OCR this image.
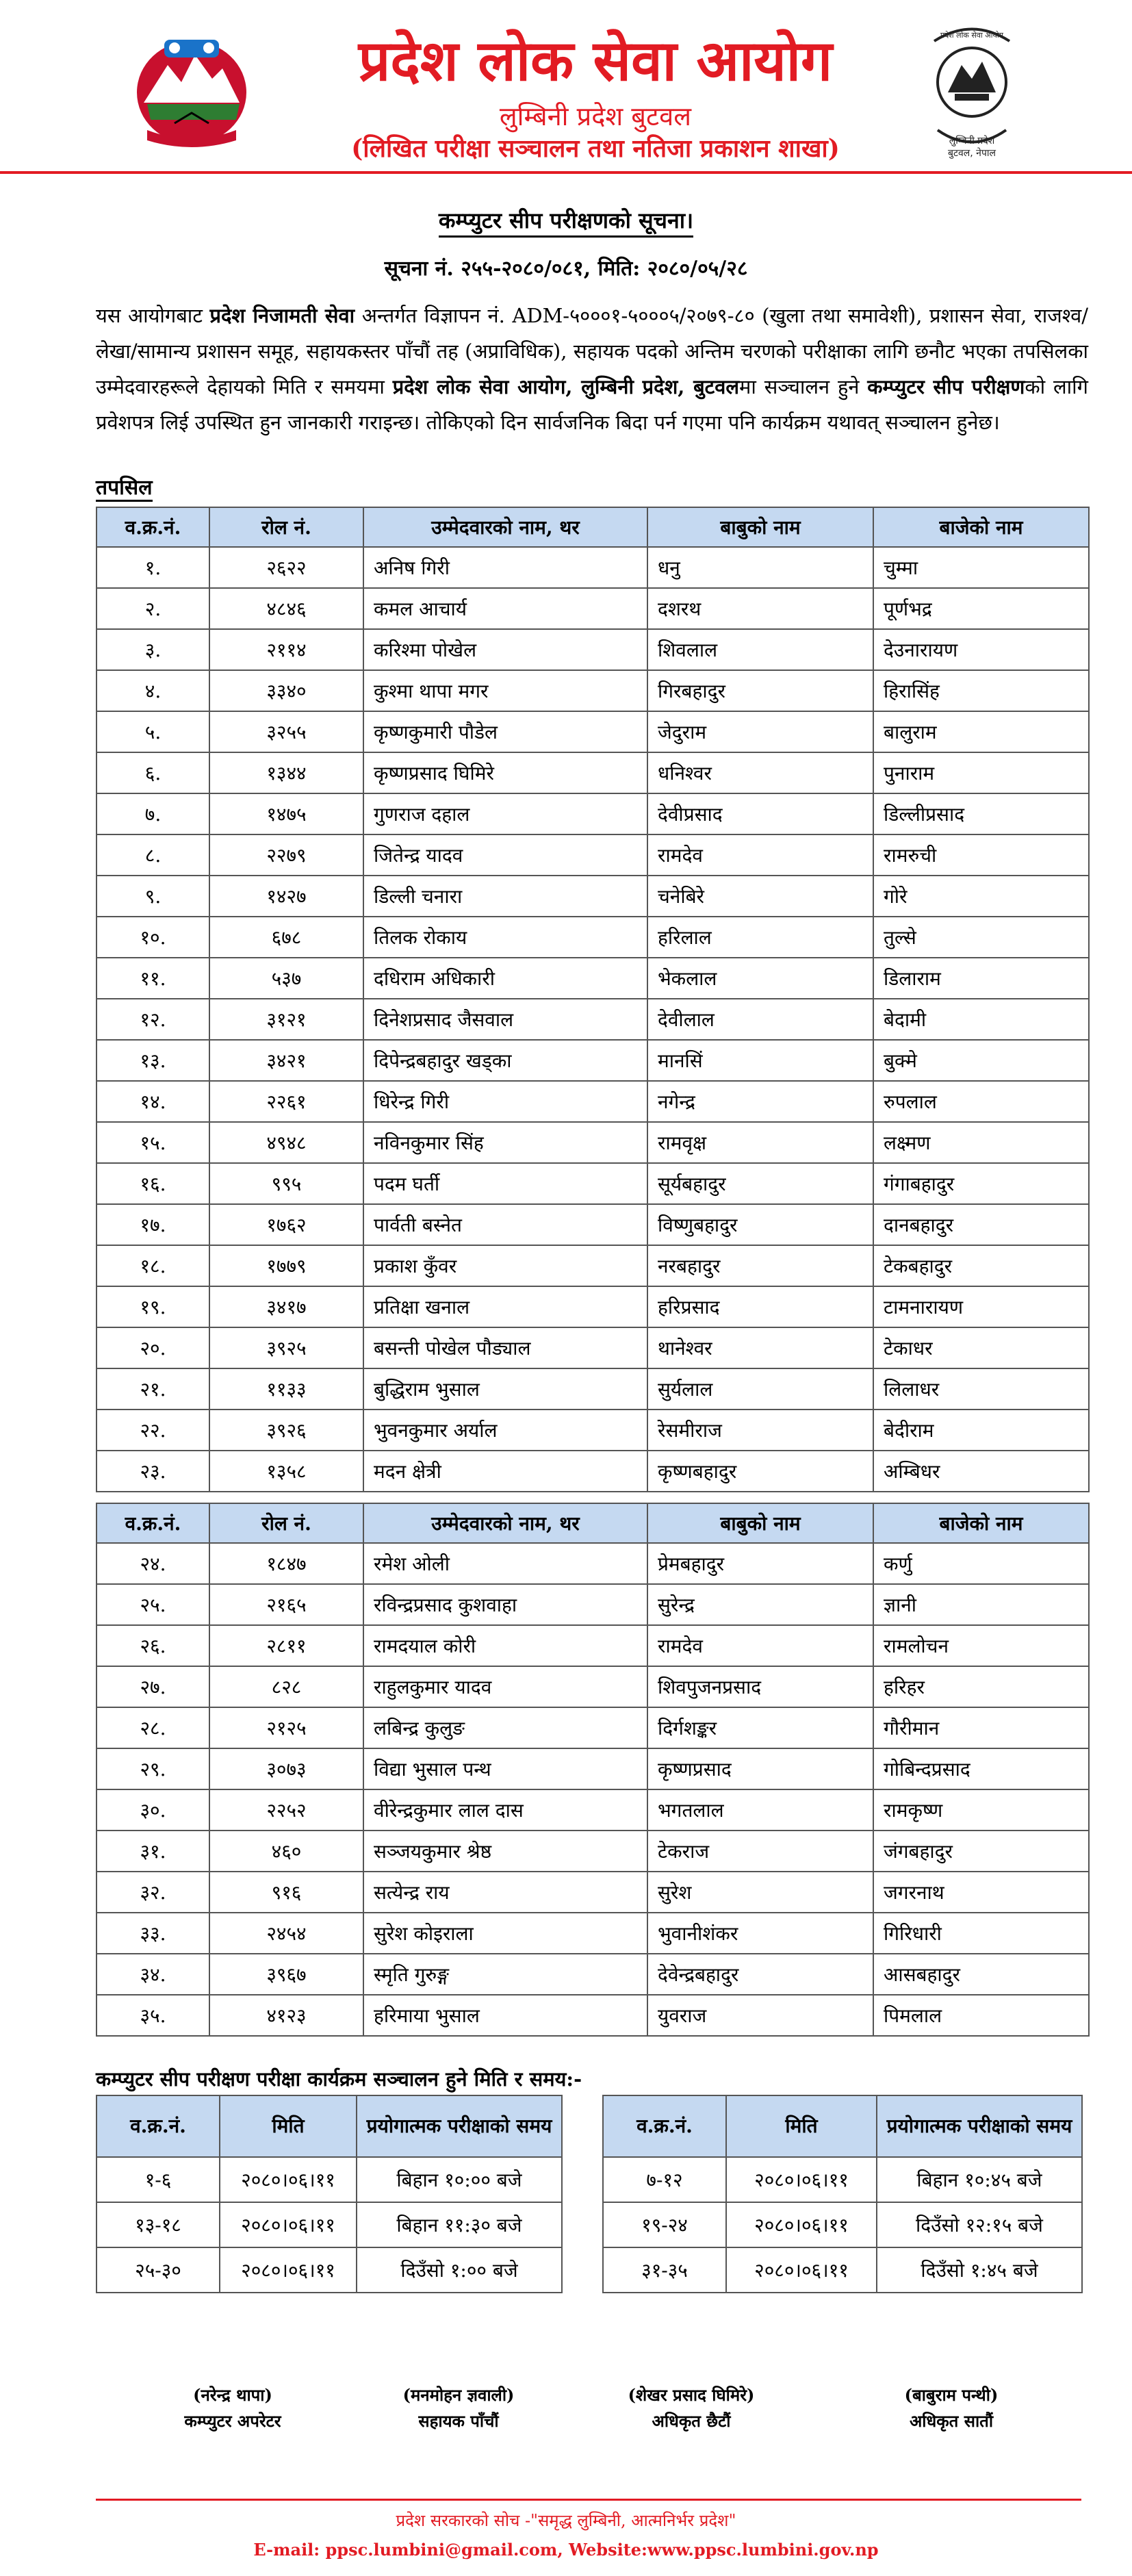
प्रदेश लोक सेवा आयोग
लुम्बिनी प्रदेश बुटवल
(लिखित परीक्षा सञ्चालन तथा नतिजा प्रकाशन शाखा)
प्रदेश लोक सेवा आयोग
लुम्बिनी प्रदेश
बुटवल, नेपाल
कम्प्युटर सीप परीक्षणको सूचना।
सूचना नं. २५५-२०८०/०८१, मिति: २०८०/०५/२८
यस आयोगबाट प्रदेश निजामती सेवा अन्तर्गत विज्ञापन नं. ADM-५०००१-५०००५/२०७९-८० (खुला तथा समावेशी), प्रशासन सेवा, राजश्व/लेखा/सामान्य प्रशासन समूह, सहायकस्तर पाँचौं तह (अप्राविधिक), सहायक पदको अन्तिम चरणको परीक्षाका लागि छनौट भएका तपसिलका उम्मेदवारहरूले देहायको मिति र समयमा प्रदेश लोक सेवा आयोग, लुम्बिनी प्रदेश, बुटवलमा सञ्चालन हुने कम्प्युटर सीप परीक्षणको लागि प्रवेशपत्र लिई उपस्थित हुन जानकारी गराइन्छ। तोकिएको दिन सार्वजनिक बिदा पर्न गएमा पनि कार्यक्रम यथावत् सञ्चालन हुनेछ।
तपसिल
व.क्र.नं.	रोल नं.	उम्मेदवारको नाम, थर	बाबुको नाम	बाजेको नाम
१.	२६२२	अनिष गिरी	धनु	चुम्मा
२.	४८४६	कमल आचार्य	दशरथ	पूर्णभद्र
३.	२११४	करिश्मा पोखेल	शिवलाल	देउनारायण
४.	३३४०	कुश्मा थापा मगर	गिरबहादुर	हिरासिंह
५.	३२५५	कृष्णकुमारी पौडेल	जेदुराम	बालुराम
६.	१३४४	कृष्णप्रसाद घिमिरे	धनिश्वर	पुनाराम
७.	१४७५	गुणराज दहाल	देवीप्रसाद	डिल्लीप्रसाद
८.	२२७९	जितेन्द्र यादव	रामदेव	रामरुची
९.	१४२७	डिल्ली चनारा	चनेबिरे	गोरे
१०.	६७८	तिलक रोकाय	हरिलाल	तुल्से
११.	५३७	दधिराम अधिकारी	भेकलाल	डिलाराम
१२.	३१२१	दिनेशप्रसाद जैसवाल	देवीलाल	बेदामी
१३.	३४२१	दिपेन्द्रबहादुर खड्का	मानसिं	बुक्मे
१४.	२२६१	धिरेन्द्र गिरी	नगेन्द्र	रुपलाल
१५.	४९४८	नविनकुमार सिंह	रामवृक्ष	लक्ष्मण
१६.	९९५	पदम घर्ती	सूर्यबहादुर	गंगाबहादुर
१७.	१७६२	पार्वती बस्नेत	विष्णुबहादुर	दानबहादुर
१८.	१७७९	प्रकाश कुँवर	नरबहादुर	टेकबहादुर
१९.	३४१७	प्रतिक्षा खनाल	हरिप्रसाद	टामनारायण
२०.	३९२५	बसन्ती पोखेल पौड्याल	थानेश्वर	टेकाधर
२१.	११३३	बुद्धिराम भुसाल	सुर्यलाल	लिलाधर
२२.	३९२६	भुवनकुमार अर्याल	रेसमीराज	बेदीराम
२३.	१३५८	मदन क्षेत्री	कृष्णबहादुर	अम्बिधर
व.क्र.नं.	रोल नं.	उम्मेदवारको नाम, थर	बाबुको नाम	बाजेको नाम
२४.	१८४७	रमेश ओली	प्रेमबहादुर	कर्णु
२५.	२१६५	रविन्द्रप्रसाद कुशवाहा	सुरेन्द्र	ज्ञानी
२६.	२८११	रामदयाल कोरी	रामदेव	रामलोचन
२७.	८२८	राहुलकुमार यादव	शिवपुजनप्रसाद	हरिहर
२८.	२१२५	लबिन्द्र कुलुङ	दिर्गशङ्कर	गौरीमान
२९.	३०७३	विद्या भुसाल पन्थ	कृष्णप्रसाद	गोबिन्दप्रसाद
३०.	२२५२	वीरेन्द्रकुमार लाल दास	भगतलाल	रामकृष्ण
३१.	४६०	सञ्जयकुमार श्रेष्ठ	टेकराज	जंगबहादुर
३२.	९१६	सत्येन्द्र राय	सुरेश	जगरनाथ
३३.	२४५४	सुरेश कोइराला	भुवानीशंकर	गिरिधारी
३४.	३९६७	स्मृति गुरुङ्ग	देवेन्द्रबहादुर	आसबहादुर
३५.	४१२३	हरिमाया भुसाल	युवराज	पिमलाल
कम्प्युटर सीप परीक्षण परीक्षा कार्यक्रम सञ्चालन हुने मिति र समय:-
व.क्र.नं.	मिति	प्रयोगात्मक परीक्षाको समय
१-६	२०८०।०६।११	बिहान १०:०० बजे
१३-१८	२०८०।०६।११	बिहान ११:३० बजे
२५-३०	२०८०।०६।११	दिउँसो १:०० बजे
व.क्र.नं.	मिति	प्रयोगात्मक परीक्षाको समय
७-१२	२०८०।०६।११	बिहान १०:४५ बजे
१९-२४	२०८०।०६।११	दिउँसो १२:१५ बजे
३१-३५	२०८०।०६।११	दिउँसो १:४५ बजे
(नरेन्द्र थापा)
कम्प्युटर अपरेटर
(मनमोहन ज्ञवाली)
सहायक पाँचौं
(शेखर प्रसाद घिमिरे)
अधिकृत छैटौं
(बाबुराम पन्थी)
अधिकृत सातौं
प्रदेश सरकारको सोच -"समृद्ध लुम्बिनी, आत्मनिर्भर प्रदेश"
E-mail: ppsc.lumbini@gmail.com, Website:www.ppsc.lumbini.gov.np
